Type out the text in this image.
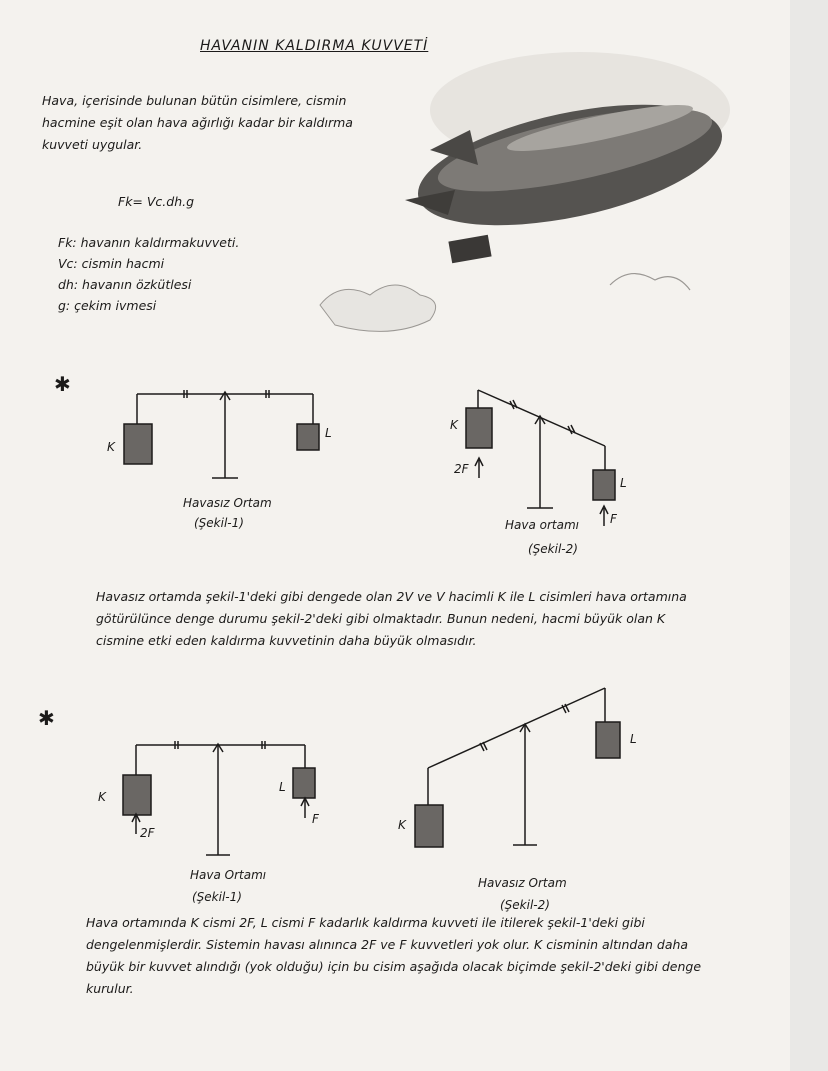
HAVANIN KALDIRMA KUVVETİ
Hava, içerisinde bulunan bütün cisimlere, cismin hacmine eşit olan hava ağırlığı kadar bir kaldırma kuvveti uygular.
Fk= Vc.dh.g
Fk: havanın kaldırmakuvveti.
Vc: cismin hacmi
dh: havanın özkütlesi
g: çekim ivmesi
✱
K
L
Havasız Ortam
(Şekil-1)
K
2F
L
F
Hava ortamı
(Şekil-2)
Havasız ortamda şekil-1'deki gibi dengede olan 2V ve V hacimli K ile L cisimleri hava ortamına götürülünce denge durumu şekil-2'deki gibi olmaktadır. Bunun nedeni, hacmi büyük olan K cismine etki eden kaldırma kuvvetinin daha büyük olmasıdır.
✱
K
2F
L
F
Hava Ortamı
(Şekil-1)
K
L
Havasız Ortam
(Şekil-2)
Hava ortamında K cismi 2F, L cismi F kadarlık kaldırma kuvveti ile itilerek şekil-1'deki gibi dengelenmişlerdir. Sistemin havası alınınca 2F ve F kuvvetleri yok olur. K cisminin altından daha büyük bir kuvvet alındığı (yok olduğu) için bu cisim aşağıda olacak biçimde şekil-2'deki gibi denge kurulur.
